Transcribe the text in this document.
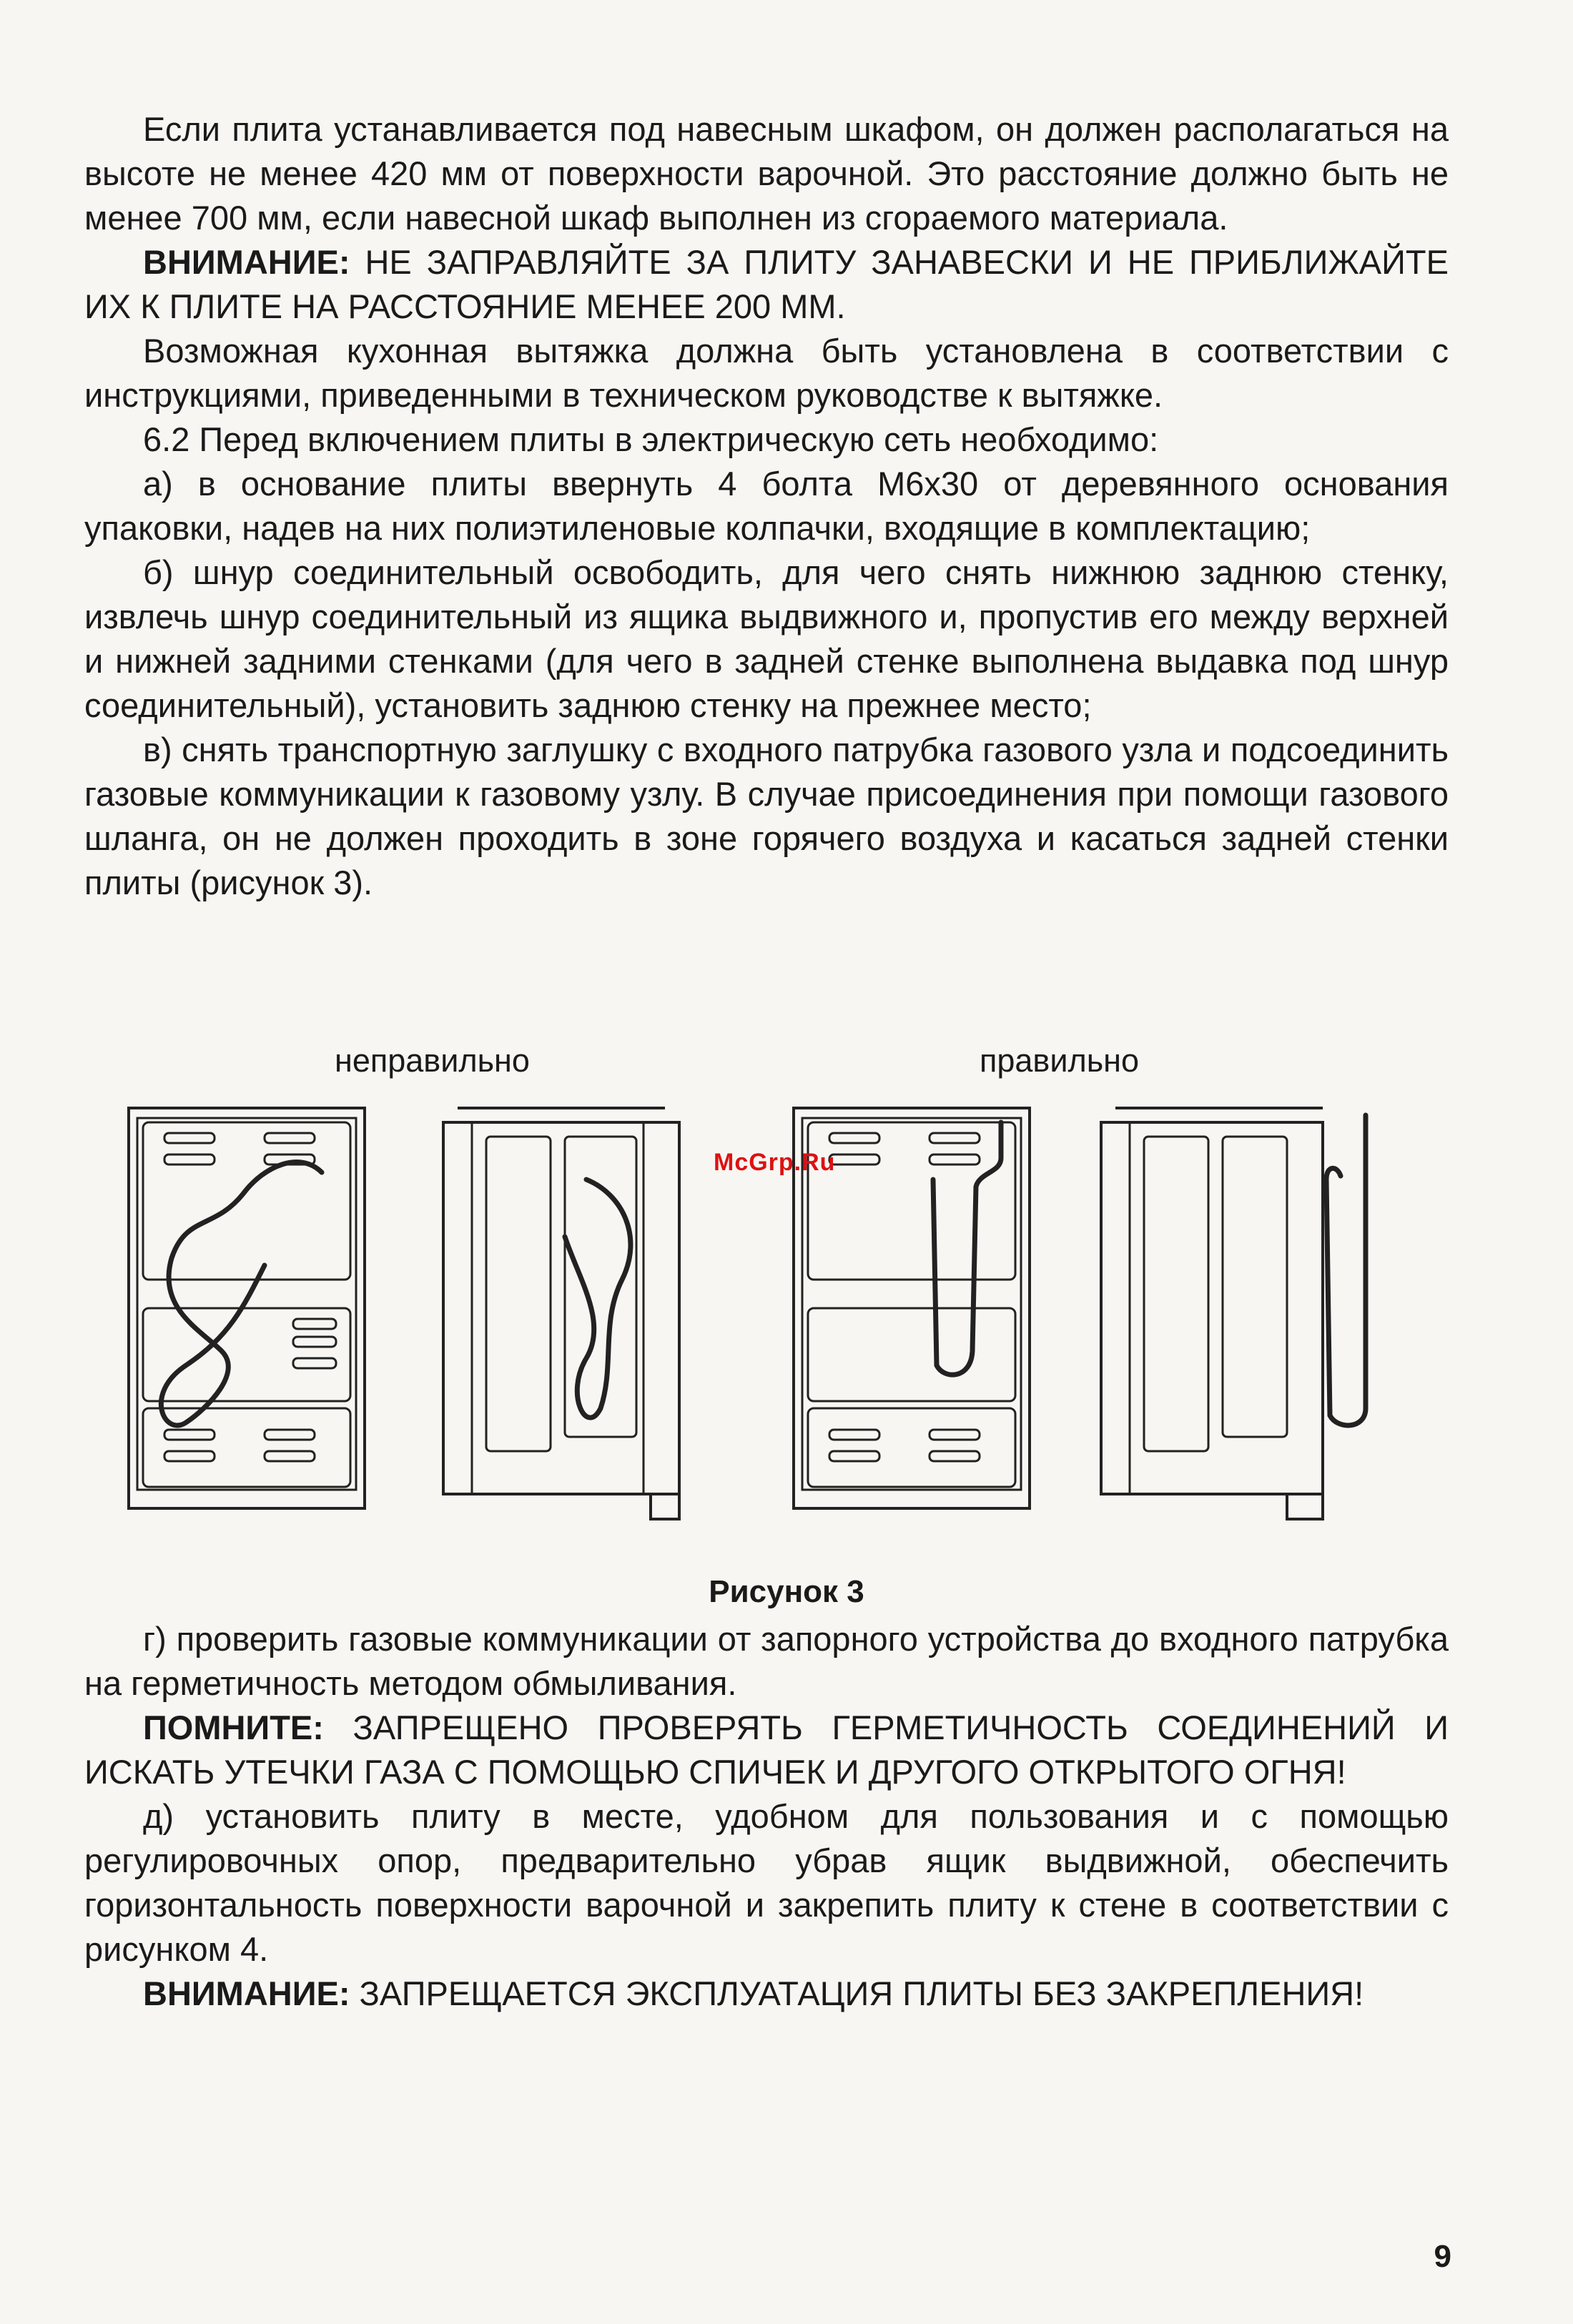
Если плита устанавливается под навесным шкафом, он должен располагаться на высоте не менее 420 мм от поверхности варочной. Это расстояние должно быть не менее 700 мм, если навесной шкаф выполнен из сгораемого материала.

ВНИМАНИЕ: НЕ ЗАПРАВЛЯЙТЕ ЗА ПЛИТУ ЗАНАВЕСКИ И НЕ ПРИБЛИЖАЙТЕ ИХ К ПЛИТЕ НА РАССТОЯНИЕ МЕНЕЕ 200 ММ.

Возможная кухонная вытяжка должна быть установлена в соответствии с инструкциями, приведенными в техническом руководстве к вытяжке.

6.2 Перед включением плиты в электрическую сеть необходимо:

а) в основание плиты ввернуть 4 болта М6х30 от деревянного основания упаковки, надев на них полиэтиленовые колпачки, входящие в комплектацию;

б) шнур соединительный освободить, для чего снять нижнюю заднюю стенку, извлечь шнур соединительный из ящика выдвижного и, пропустив его между верхней и нижней задними стенками (для чего в задней стенке выполнена выдавка под шнур соединительный), установить заднюю стенку на прежнее место;

в) снять транспортную заглушку с входного патрубка газового узла и подсоединить газовые коммуникации к газовому узлу. В случае присоединения при помощи газового шланга, он не должен проходить в зоне горячего воздуха и касаться задней стенки плиты (рисунок 3).

неправильно	правильно
McGrp.Ru
Рисунок 3

г) проверить газовые коммуникации от запорного устройства до входного патрубка на герметичность методом обмыливания.

ПОМНИТЕ: ЗАПРЕЩЕНО ПРОВЕРЯТЬ ГЕРМЕТИЧНОСТЬ СОЕДИНЕНИЙ И ИСКАТЬ УТЕЧКИ ГАЗА С ПОМОЩЬЮ СПИЧЕК И ДРУГОГО ОТКРЫТОГО ОГНЯ!

д) установить плиту в месте, удобном для пользования и с помощью регулировочных опор, предварительно убрав ящик выдвижной, обеспечить горизонтальность поверхности варочной и закрепить плиту к стене в соответствии с рисунком 4.

ВНИМАНИЕ: ЗАПРЕЩАЕТСЯ ЭКСПЛУАТАЦИЯ ПЛИТЫ БЕЗ ЗАКРЕПЛЕНИЯ!

9
